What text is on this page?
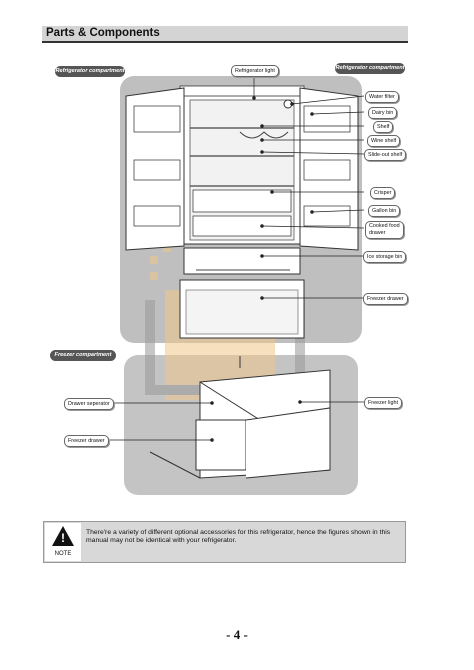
Parts & Components
Refrigerator compartment	Refrigerator compartment
Freezer compartment
Refrigerator light
Water filter
Dairy bin
Shelf
Wine shelf
Slide-out shelf
Crisper
Gallon bin
Cooked food
drawer
Ice storage bin
Freezer drawer
Drawer seperator	Freezer light
Freezer drawer
!
NOTE
There're a variety of different optional accessories for this refrigerator, hence the figures shown in this manual may not be identical with your refrigerator.
- 4 -
